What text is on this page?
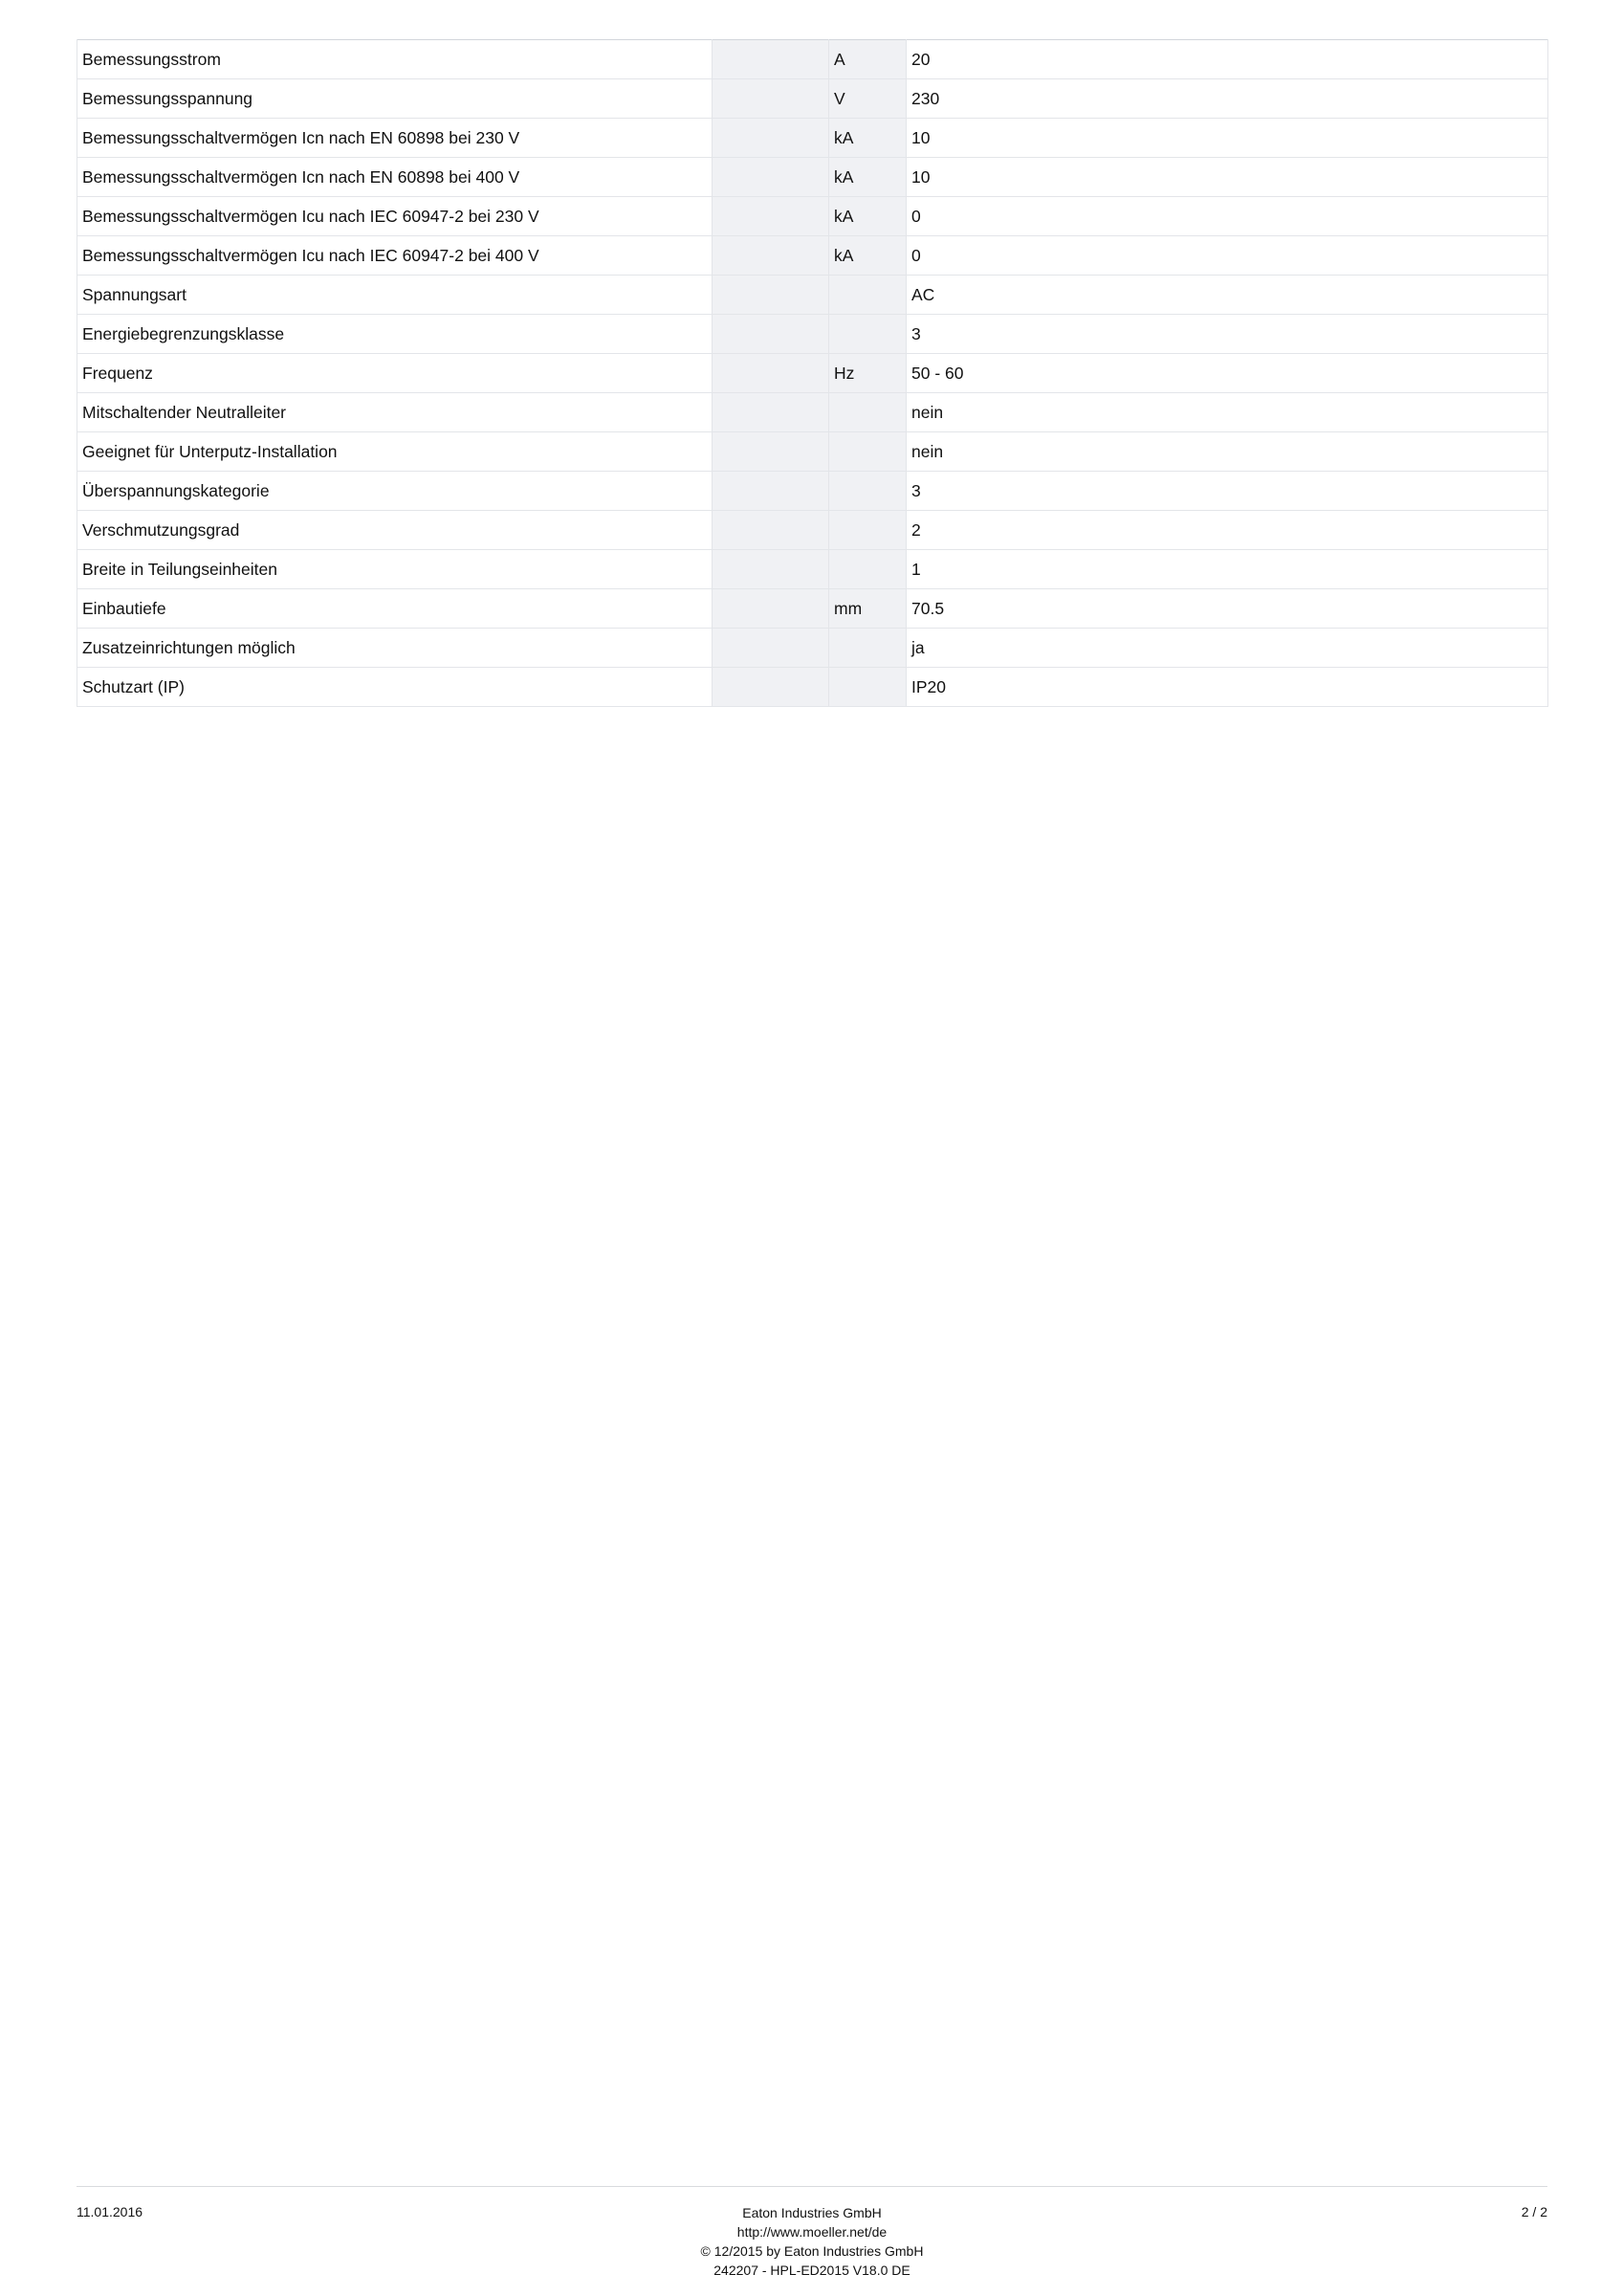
Bemessungsstrom		A	20
Bemessungsspannung		V	230
Bemessungsschaltvermögen Icn nach EN 60898 bei 230 V		kA	10
Bemessungsschaltvermögen Icn nach EN 60898 bei 400 V		kA	10
Bemessungsschaltvermögen Icu nach IEC 60947-2 bei 230 V		kA	0
Bemessungsschaltvermögen Icu nach IEC 60947-2 bei 400 V		kA	0
Spannungsart			AC
Energiebegrenzungsklasse			3
Frequenz		Hz	50 - 60
Mitschaltender Neutralleiter			nein
Geeignet für Unterputz-Installation			nein
Überspannungskategorie			3
Verschmutzungsgrad			2
Breite in Teilungseinheiten			1
Einbautiefe		mm	70.5
Zusatzeinrichtungen möglich			ja
Schutzart (IP)			IP20
11.01.2016	Eaton Industries GmbH
http://www.moeller.net/de
© 12/2015 by Eaton Industries GmbH
242207 - HPL-ED2015 V18.0 DE
2 / 2
